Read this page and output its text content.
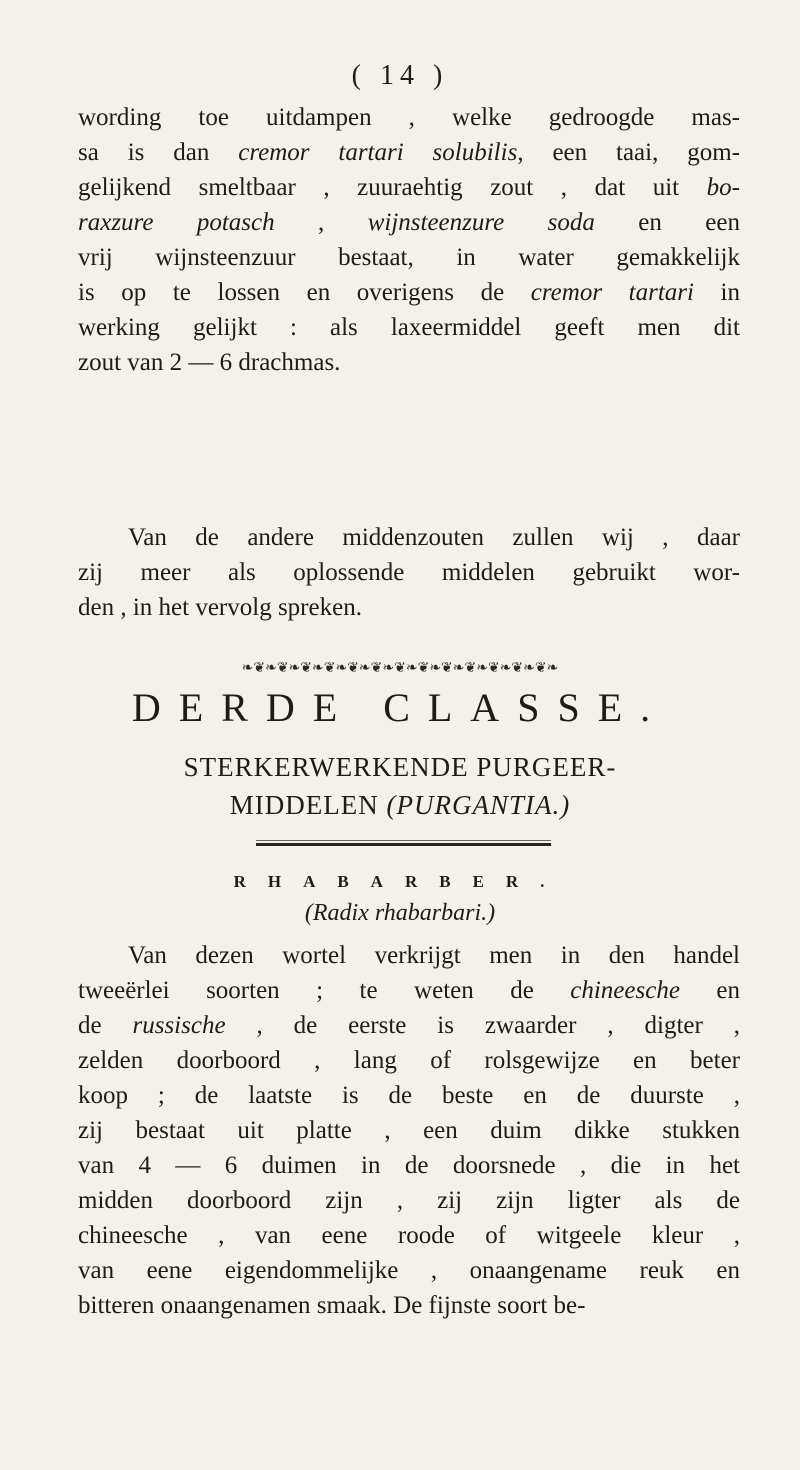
( 14 )
wording toe uitdampen , welke gedroogde mas-
sa is dan cremor tartari solubilis, een taai, gom-
gelijkend smeltbaar , zuuraehtig zout , dat uit bo-
raxzure potasch , wijnsteenzure soda en een
vrij wijnsteenzuur bestaat, in water gemakkelijk
is op te lossen en overigens de cremor tartari in
werking gelijkt : als laxeermiddel geeft men dit
zout van 2 — 6 drachmas.
Van de andere middenzouten zullen wij , daar
zij meer als oplossende middelen gebruikt wor-
den , in het vervolg spreken.
❧❦❧❦❧❦❧❦❧❦❧❦❧❦❧❦❧❦❧❦❧❦❧❦❧❦❧
DERDE CLASSE.
STERKERWERKENDE PURGEER-
MIDDELEN (PURGANTIA.)
RHABARBER.
(Radix rhabarbari.)
Van dezen wortel verkrijgt men in den handel
tweeërlei soorten ; te weten de chineesche en
de russische , de eerste is zwaarder , digter ,
zelden doorboord , lang of rolsgewijze en beter
koop ; de laatste is de beste en de duurste ,
zij bestaat uit platte , een duim dikke stukken
van 4 — 6 duimen in de doorsnede , die in het
midden doorboord zijn , zij zijn ligter als de
chineesche , van eene roode of witgeele kleur ,
van eene eigendommelijke , onaangename reuk en
bitteren onaangenamen smaak. De fijnste soort be-
